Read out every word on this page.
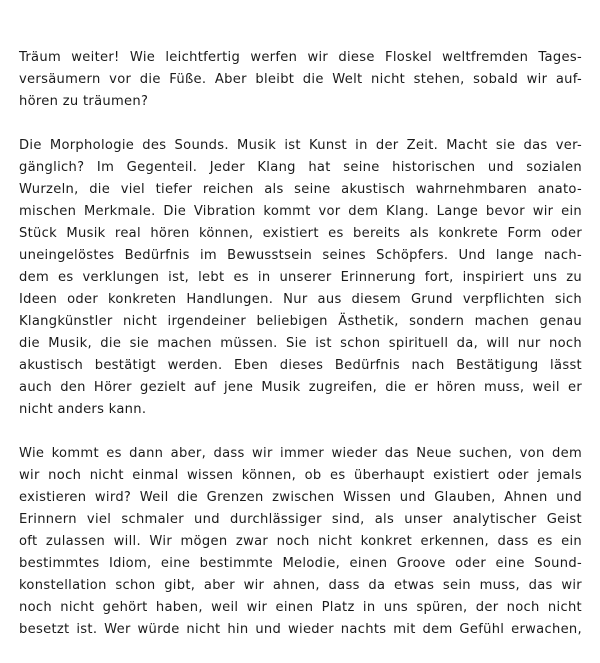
Träum weiter! Wie leichtfertig werfen wir diese Floskel weltfremden Tages-
versäumern vor die Füße. Aber bleibt die Welt nicht stehen, sobald wir auf-
hören zu träumen?
Die Morphologie des Sounds. Musik ist Kunst in der Zeit. Macht sie das ver-
gänglich? Im Gegenteil. Jeder Klang hat seine historischen und sozialen
Wurzeln, die viel tiefer reichen als seine akustisch wahrnehmbaren anato-
mischen Merkmale. Die Vibration kommt vor dem Klang. Lange bevor wir ein
Stück Musik real hören können, existiert es bereits als konkrete Form oder
uneingelöstes Bedürfnis im Bewusstsein seines Schöpfers. Und lange nach-
dem es verklungen ist, lebt es in unserer Erinnerung fort, inspiriert uns zu
Ideen oder konkreten Handlungen. Nur aus diesem Grund verpflichten sich
Klangkünstler nicht irgendeiner beliebigen Ästhetik, sondern machen genau
die Musik, die sie machen müssen. Sie ist schon spirituell da, will nur noch
akustisch bestätigt werden. Eben dieses Bedürfnis nach Bestätigung lässt
auch den Hörer gezielt auf jene Musik zugreifen, die er hören muss, weil er
nicht anders kann.
Wie kommt es dann aber, dass wir immer wieder das Neue suchen, von dem
wir noch nicht einmal wissen können, ob es überhaupt existiert oder jemals
existieren wird? Weil die Grenzen zwischen Wissen und Glauben, Ahnen und
Erinnern viel schmaler und durchlässiger sind, als unser analytischer Geist
oft zulassen will. Wir mögen zwar noch nicht konkret erkennen, dass es ein
bestimmtes Idiom, eine bestimmte Melodie, einen Groove oder eine Sound-
konstellation schon gibt, aber wir ahnen, dass da etwas sein muss, das wir
noch nicht gehört haben, weil wir einen Platz in uns spüren, der noch nicht
besetzt ist. Wer würde nicht hin und wieder nachts mit dem Gefühl erwachen,
